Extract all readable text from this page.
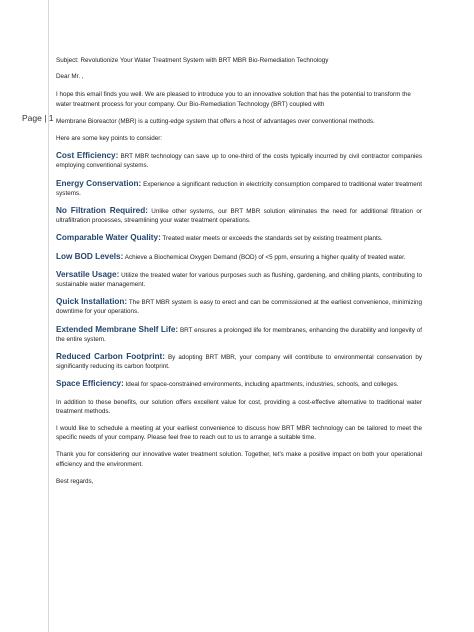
Page | 1

Subject: Revolutionize Your Water Treatment System with BRT MBR Bio-Remediation Technology

Dear Mr. ,

I hope this email finds you well. We are pleased to introduce you to an innovative solution that has the potential to transform the water treatment process for your company. Our Bio-Remediation Technology (BRT) coupled with

Membrane Bioreactor (MBR) is a cutting-edge system that offers a host of advantages over conventional methods.

Here are some key points to consider:

Cost Efficiency: BRT MBR technology can save up to one-third of the costs typically incurred by civil contractor companies employing conventional systems.

Energy Conservation: Experience a significant reduction in electricity consumption compared to traditional water treatment systems.

No Filtration Required: Unlike other systems, our BRT MBR solution eliminates the need for additional filtration or ultrafiltration processes, streamlining your water treatment operations.

Comparable Water Quality: Treated water meets or exceeds the standards set by existing treatment plants.

Low BOD Levels: Achieve a Biochemical Oxygen Demand (BOD) of <5 ppm, ensuring a higher quality of treated water.

Versatile Usage: Utilize the treated water for various purposes such as flushing, gardening, and chilling plants, contributing to sustainable water management.

Quick Installation: The BRT MBR system is easy to erect and can be commissioned at the earliest convenience, minimizing downtime for your operations.

Extended Membrane Shelf Life: BRT ensures a prolonged life for membranes, enhancing the durability and longevity of the entire system.

Reduced Carbon Footprint: By adopting BRT MBR, your company will contribute to environmental conservation by significantly reducing its carbon footprint.

Space Efficiency: Ideal for space-constrained environments, including apartments, industries, schools, and colleges.

In addition to these benefits, our solution offers excellent value for cost, providing a cost-effective alternative to traditional water treatment methods.

I would like to schedule a meeting at your earliest convenience to discuss how BRT MBR technology can be tailored to meet the specific needs of your company. Please feel free to reach out to us to arrange a suitable time.

Thank you for considering our innovative water treatment solution. Together, let's make a positive impact on both your operational efficiency and the environment.

Best regards,
